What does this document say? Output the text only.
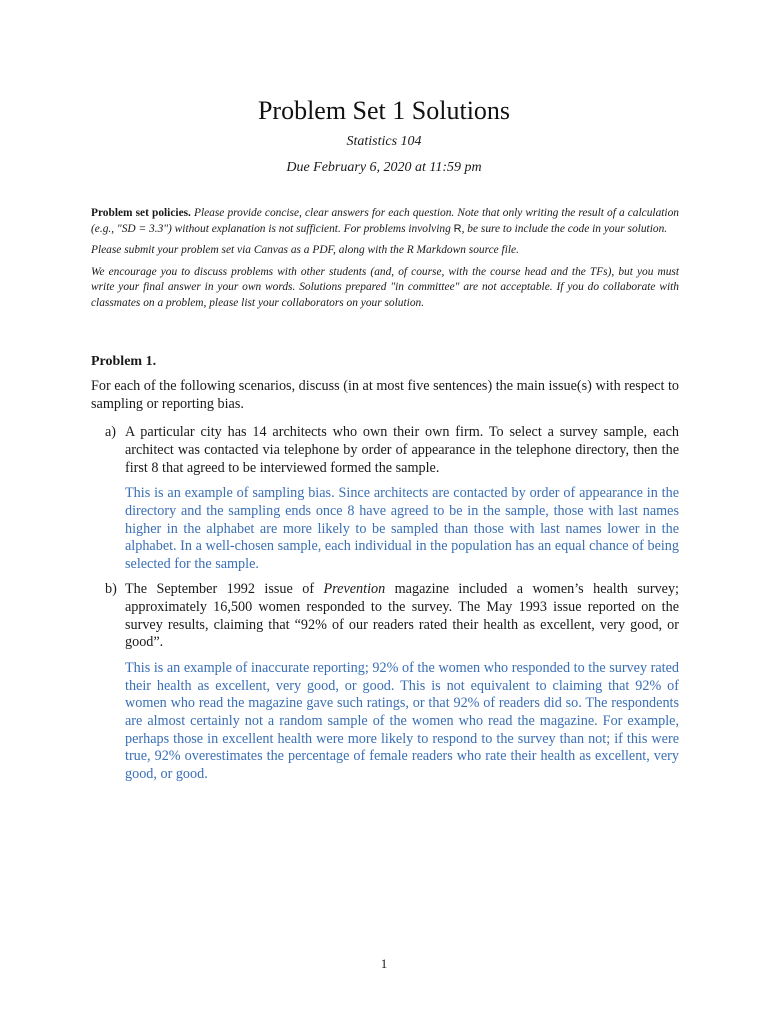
Problem Set 1 Solutions
Statistics 104
Due February 6, 2020 at 11:59 pm

Problem set policies. Please provide concise, clear answers for each question. Note that only writing the result of a calculation (e.g., "SD = 3.3") without explanation is not sufficient. For problems involving R, be sure to include the code in your solution.

Please submit your problem set via Canvas as a PDF, along with the R Markdown source file.

We encourage you to discuss problems with other students (and, of course, with the course head and the TFs), but you must write your final answer in your own words. Solutions prepared "in committee" are not acceptable. If you do collaborate with classmates on a problem, please list your collaborators on your solution.

Problem 1.
For each of the following scenarios, discuss (in at most five sentences) the main issue(s) with respect to sampling or reporting bias.
a) A particular city has 14 architects who own their own firm. To select a survey sample, each architect was contacted via telephone by order of appearance in the telephone directory, then the first 8 that agreed to be interviewed formed the sample.
This is an example of sampling bias. Since architects are contacted by order of appearance in the directory and the sampling ends once 8 have agreed to be in the sample, those with last names higher in the alphabet are more likely to be sampled than those with last names lower in the alphabet. In a well-chosen sample, each individual in the population has an equal chance of being selected for the sample.
b) The September 1992 issue of Prevention magazine included a women’s health survey; approximately 16,500 women responded to the survey. The May 1993 issue reported on the survey results, claiming that “92% of our readers rated their health as excellent, very good, or good”.
This is an example of inaccurate reporting; 92% of the women who responded to the survey rated their health as excellent, very good, or good. This is not equivalent to claiming that 92% of women who read the magazine gave such ratings, or that 92% of readers did so. The respondents are almost certainly not a random sample of the women who read the magazine. For example, perhaps those in excellent health were more likely to respond to the survey than not; if this were true, 92% overestimates the percentage of female readers who rate their health as excellent, very good, or good.
1
